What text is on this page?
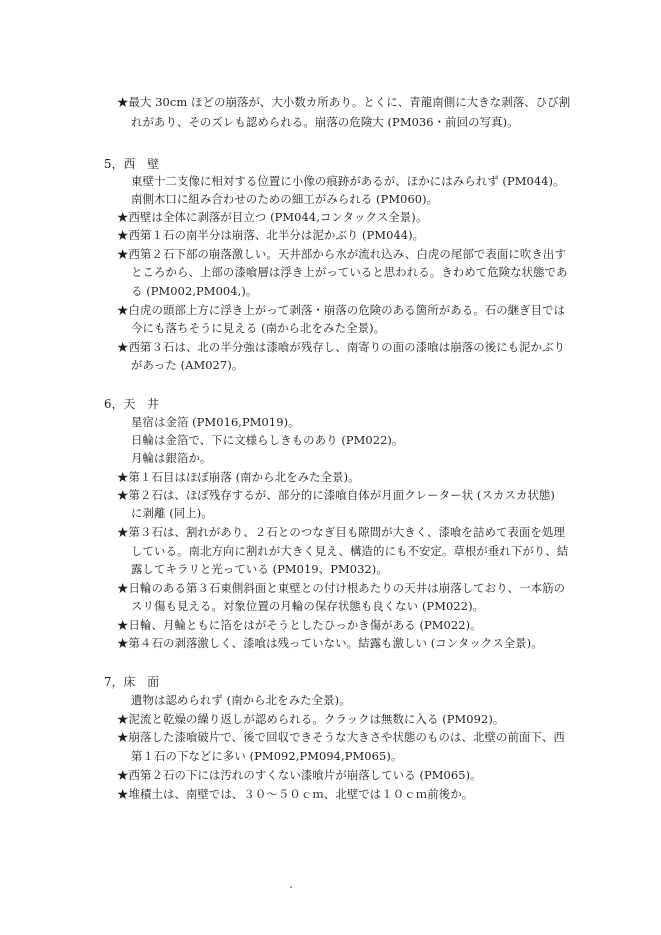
★最大 30cm ほどの崩落が、大小数カ所あり。とくに、青龍南側に大きな剥落、ひび割
れがあり、そのズレも認められる。崩落の危険大 (PM036・前回の写真)。
5，西　壁
東壁十二支像に相対する位置に小像の痕跡があるが、ほかにはみられず (PM044)。
南側木口に組み合わせのための細工がみられる (PM060)。
★西壁は全体に剥落が目立つ (PM044,コンタックス全景)。
★西第１石の南半分は崩落、北半分は泥かぶり (PM044)。
★西第２石下部の崩落激しい。天井部から水が流れ込み、白虎の尾部で表面に吹き出す
ところから、上部の漆喰層は浮き上がっていると思われる。きわめて危険な状態であ
る (PM002,PM004,)。
★白虎の頭部上方に浮き上がって剥落・崩落の危険のある箇所がある。石の継ぎ目では
今にも落ちそうに見える (南から北をみた全景)。
★西第３石は、北の半分強は漆喰が残存し、南寄りの面の漆喰は崩落の後にも泥かぶり
があった (AM027)。
6，天　井
星宿は金箔 (PM016,PM019)。
日輪は金箔で、下に文様らしきものあり (PM022)。
月輪は銀箔か。
★第１石目はほぼ崩落 (南から北をみた全景)。
★第２石は、ほぼ残存するが、部分的に漆喰自体が月面クレーター状 (スカスカ状態)
に剥離 (同上)。
★第３石は、割れがあり、２石とのつなぎ目も隙間が大きく、漆喰を詰めて表面を処理
している。南北方向に割れが大きく見え、構造的にも不安定。草根が垂れ下がり、結
露してキラリと光っている (PM019、PM032)。
★日輪のある第３石東側斜面と東壁との付け根あたりの天井は崩落しており、一本筋の
スリ傷も見える。対象位置の月輪の保存状態も良くない (PM022)。
★日輪、月輪ともに箔をはがそうとしたひっかき傷がある (PM022)。
★第４石の剥落激しく、漆喰は残っていない。結露も激しい (コンタックス全景)。
7，床　面
遺物は認められず (南から北をみた全景)。
★泥流と乾燥の繰り返しが認められる。クラックは無数に入る (PM092)。
★崩落した漆喰破片で、後で回収できそうな大きさや状態のものは、北壁の前面下、西
第１石の下などに多い (PM092,PM094,PM065)。
★西第２石の下には汚れのすくない漆喰片が崩落している (PM065)。
★堆積土は、南壁では、３０～５０ｃｍ、北壁では１０ｃｍ前後か。
